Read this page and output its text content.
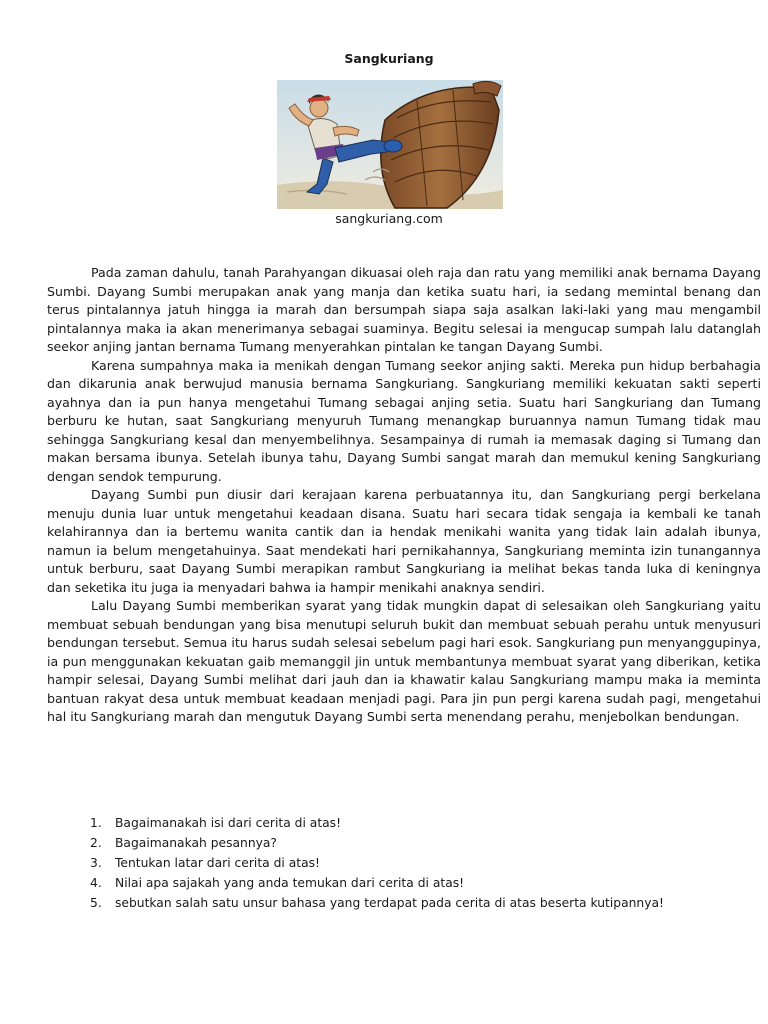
Sangkuriang
sangkuriang.com

Pada zaman dahulu, tanah Parahyangan dikuasai oleh raja dan ratu yang memiliki anak bernama Dayang Sumbi. Dayang Sumbi merupakan anak yang manja dan ketika suatu hari, ia sedang memintal benang dan terus pintalannya jatuh hingga ia marah dan bersumpah siapa saja asalkan laki-laki yang mau mengambil pintalannya maka ia akan menerimanya sebagai suaminya. Begitu selesai ia mengucap sumpah lalu datanglah seekor anjing jantan bernama Tumang menyerahkan pintalan ke tangan Dayang Sumbi.

Karena sumpahnya maka ia menikah dengan Tumang seekor anjing sakti. Mereka pun hidup berbahagia dan dikarunia anak berwujud manusia bernama Sangkuriang. Sangkuriang memiliki kekuatan sakti seperti ayahnya dan ia pun hanya mengetahui Tumang sebagai anjing setia. Suatu hari Sangkuriang dan Tumang berburu ke hutan, saat Sangkuriang menyuruh Tumang menangkap buruannya namun Tumang tidak mau sehingga Sangkuriang kesal dan menyembelihnya. Sesampainya di rumah ia memasak daging si Tumang dan makan bersama ibunya. Setelah ibunya tahu, Dayang Sumbi sangat marah dan memukul kening Sangkuriang dengan sendok tempurung.

Dayang Sumbi pun diusir dari kerajaan karena perbuatannya itu, dan Sangkuriang pergi berkelana menuju dunia luar untuk mengetahui keadaan disana. Suatu hari secara tidak sengaja ia kembali ke tanah kelahirannya dan ia bertemu wanita cantik dan ia hendak menikahi wanita yang tidak lain adalah ibunya, namun ia belum mengetahuinya. Saat mendekati hari pernikahannya, Sangkuriang meminta izin tunangannya untuk berburu, saat Dayang Sumbi merapikan rambut Sangkuriang ia melihat bekas tanda luka di keningnya dan seketika itu juga ia menyadari bahwa ia hampir menikahi anaknya sendiri.

Lalu Dayang Sumbi memberikan syarat yang tidak mungkin dapat di selesaikan oleh Sangkuriang yaitu membuat sebuah bendungan yang bisa menutupi seluruh bukit dan membuat sebuah perahu untuk menyusuri bendungan tersebut. Semua itu harus sudah selesai sebelum pagi hari esok. Sangkuriang pun menyanggupinya, ia pun menggunakan kekuatan gaib memanggil jin untuk membantunya membuat syarat yang diberikan, ketika hampir selesai, Dayang Sumbi melihat dari jauh dan ia khawatir kalau Sangkuriang mampu maka ia meminta bantuan rakyat desa untuk membuat keadaan menjadi pagi. Para jin pun pergi karena sudah pagi, mengetahui hal itu Sangkuriang marah dan mengutuk Dayang Sumbi serta menendang perahu, menjebolkan bendungan.

1. Bagaimanakah isi dari cerita di atas!
2. Bagaimanakah pesannya?
3. Tentukan latar dari cerita di atas!
4. Nilai apa sajakah yang anda temukan dari cerita di atas!
5. sebutkan salah satu unsur bahasa yang terdapat pada cerita di atas beserta kutipannya!
